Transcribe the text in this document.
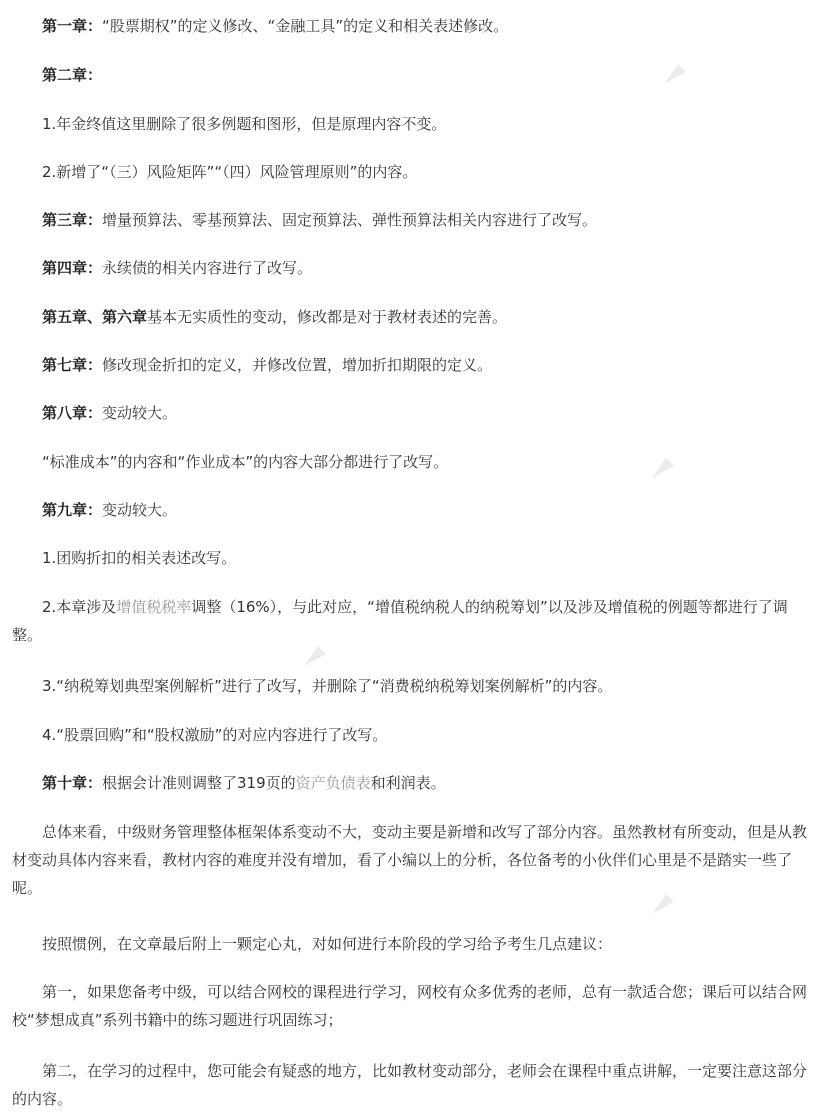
第一章：“股票期权”的定义修改、“金融工具”的定义和相关表述修改。

第二章：

1.年金终值这里删除了很多例题和图形，但是原理内容不变。

2.新增了“（三）风险矩阵”“（四）风险管理原则”的内容。

第三章：增量预算法、零基预算法、固定预算法、弹性预算法相关内容进行了改写。

第四章：永续债的相关内容进行了改写。

第五章、第六章基本无实质性的变动，修改都是对于教材表述的完善。

第七章：修改现金折扣的定义，并修改位置，增加折扣期限的定义。

第八章：变动较大。

“标准成本”的内容和“作业成本”的内容大部分都进行了改写。

第九章：变动较大。

1.团购折扣的相关表述改写。

2.本章涉及增值税税率调整（16%），与此对应，“增值税纳税人的纳税筹划”以及涉及增值税的例题等都进行了调整。

3.“纳税筹划典型案例解析”进行了改写，并删除了“消费税纳税筹划案例解析”的内容。

4.“股票回购”和“股权激励”的对应内容进行了改写。

第十章：根据会计准则调整了319页的资产负债表和利润表。

总体来看，中级财务管理整体框架体系变动不大，变动主要是新增和改写了部分内容。虽然教材有所变动，但是从教材变动具体内容来看，教材内容的难度并没有增加，看了小编以上的分析，各位备考的小伙伴们心里是不是踏实一些了呢。

按照惯例，在文章最后附上一颗定心丸，对如何进行本阶段的学习给予考生几点建议：

第一，如果您备考中级，可以结合网校的课程进行学习，网校有众多优秀的老师，总有一款适合您；课后可以结合网校“梦想成真”系列书籍中的练习题进行巩固练习；

第二，在学习的过程中，您可能会有疑惑的地方，比如教材变动部分，老师会在课程中重点讲解，一定要注意这部分的内容。
